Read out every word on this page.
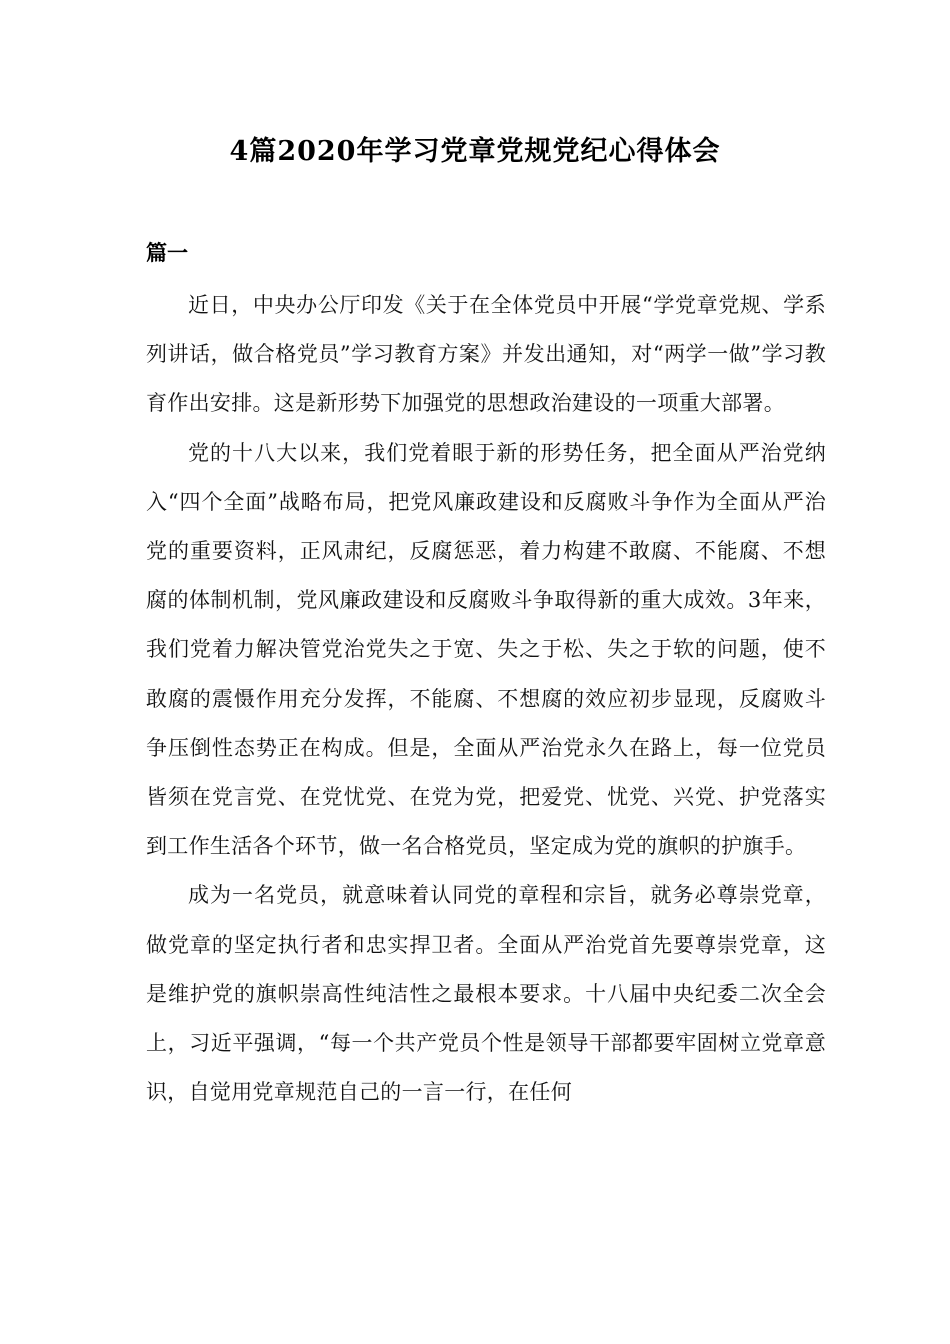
4篇2020年学习党章党规党纪心得体会
篇一

近日，中央办公厅印发《关于在全体党员中开展“学党章党规、学系列讲话，做合格党员”学习教育方案》并发出通知，对“两学一做”学习教育作出安排。这是新形势下加强党的思想政治建设的一项重大部署。

党的十八大以来，我们党着眼于新的形势任务，把全面从严治党纳入“四个全面”战略布局，把党风廉政建设和反腐败斗争作为全面从严治党的重要资料，正风肃纪，反腐惩恶，着力构建不敢腐、不能腐、不想腐的体制机制，党风廉政建设和反腐败斗争取得新的重大成效。3年来，我们党着力解决管党治党失之于宽、失之于松、失之于软的问题，使不敢腐的震慑作用充分发挥，不能腐、不想腐的效应初步显现，反腐败斗争压倒性态势正在构成。但是，全面从严治党永久在路上，每一位党员皆须在党言党、在党忧党、在党为党，把爱党、忧党、兴党、护党落实到工作生活各个环节，做一名合格党员，坚定成为党的旗帜的护旗手。

成为一名党员，就意味着认同党的章程和宗旨，就务必尊崇党章，做党章的坚定执行者和忠实捍卫者。全面从严治党首先要尊崇党章，这是维护党的旗帜崇高性纯洁性之最根本要求。十八届中央纪委二次全会上，习近平强调，“每一个共产党员个性是领导干部都要牢固树立党章意识，自觉用党章规范自己的一言一行，在任何
